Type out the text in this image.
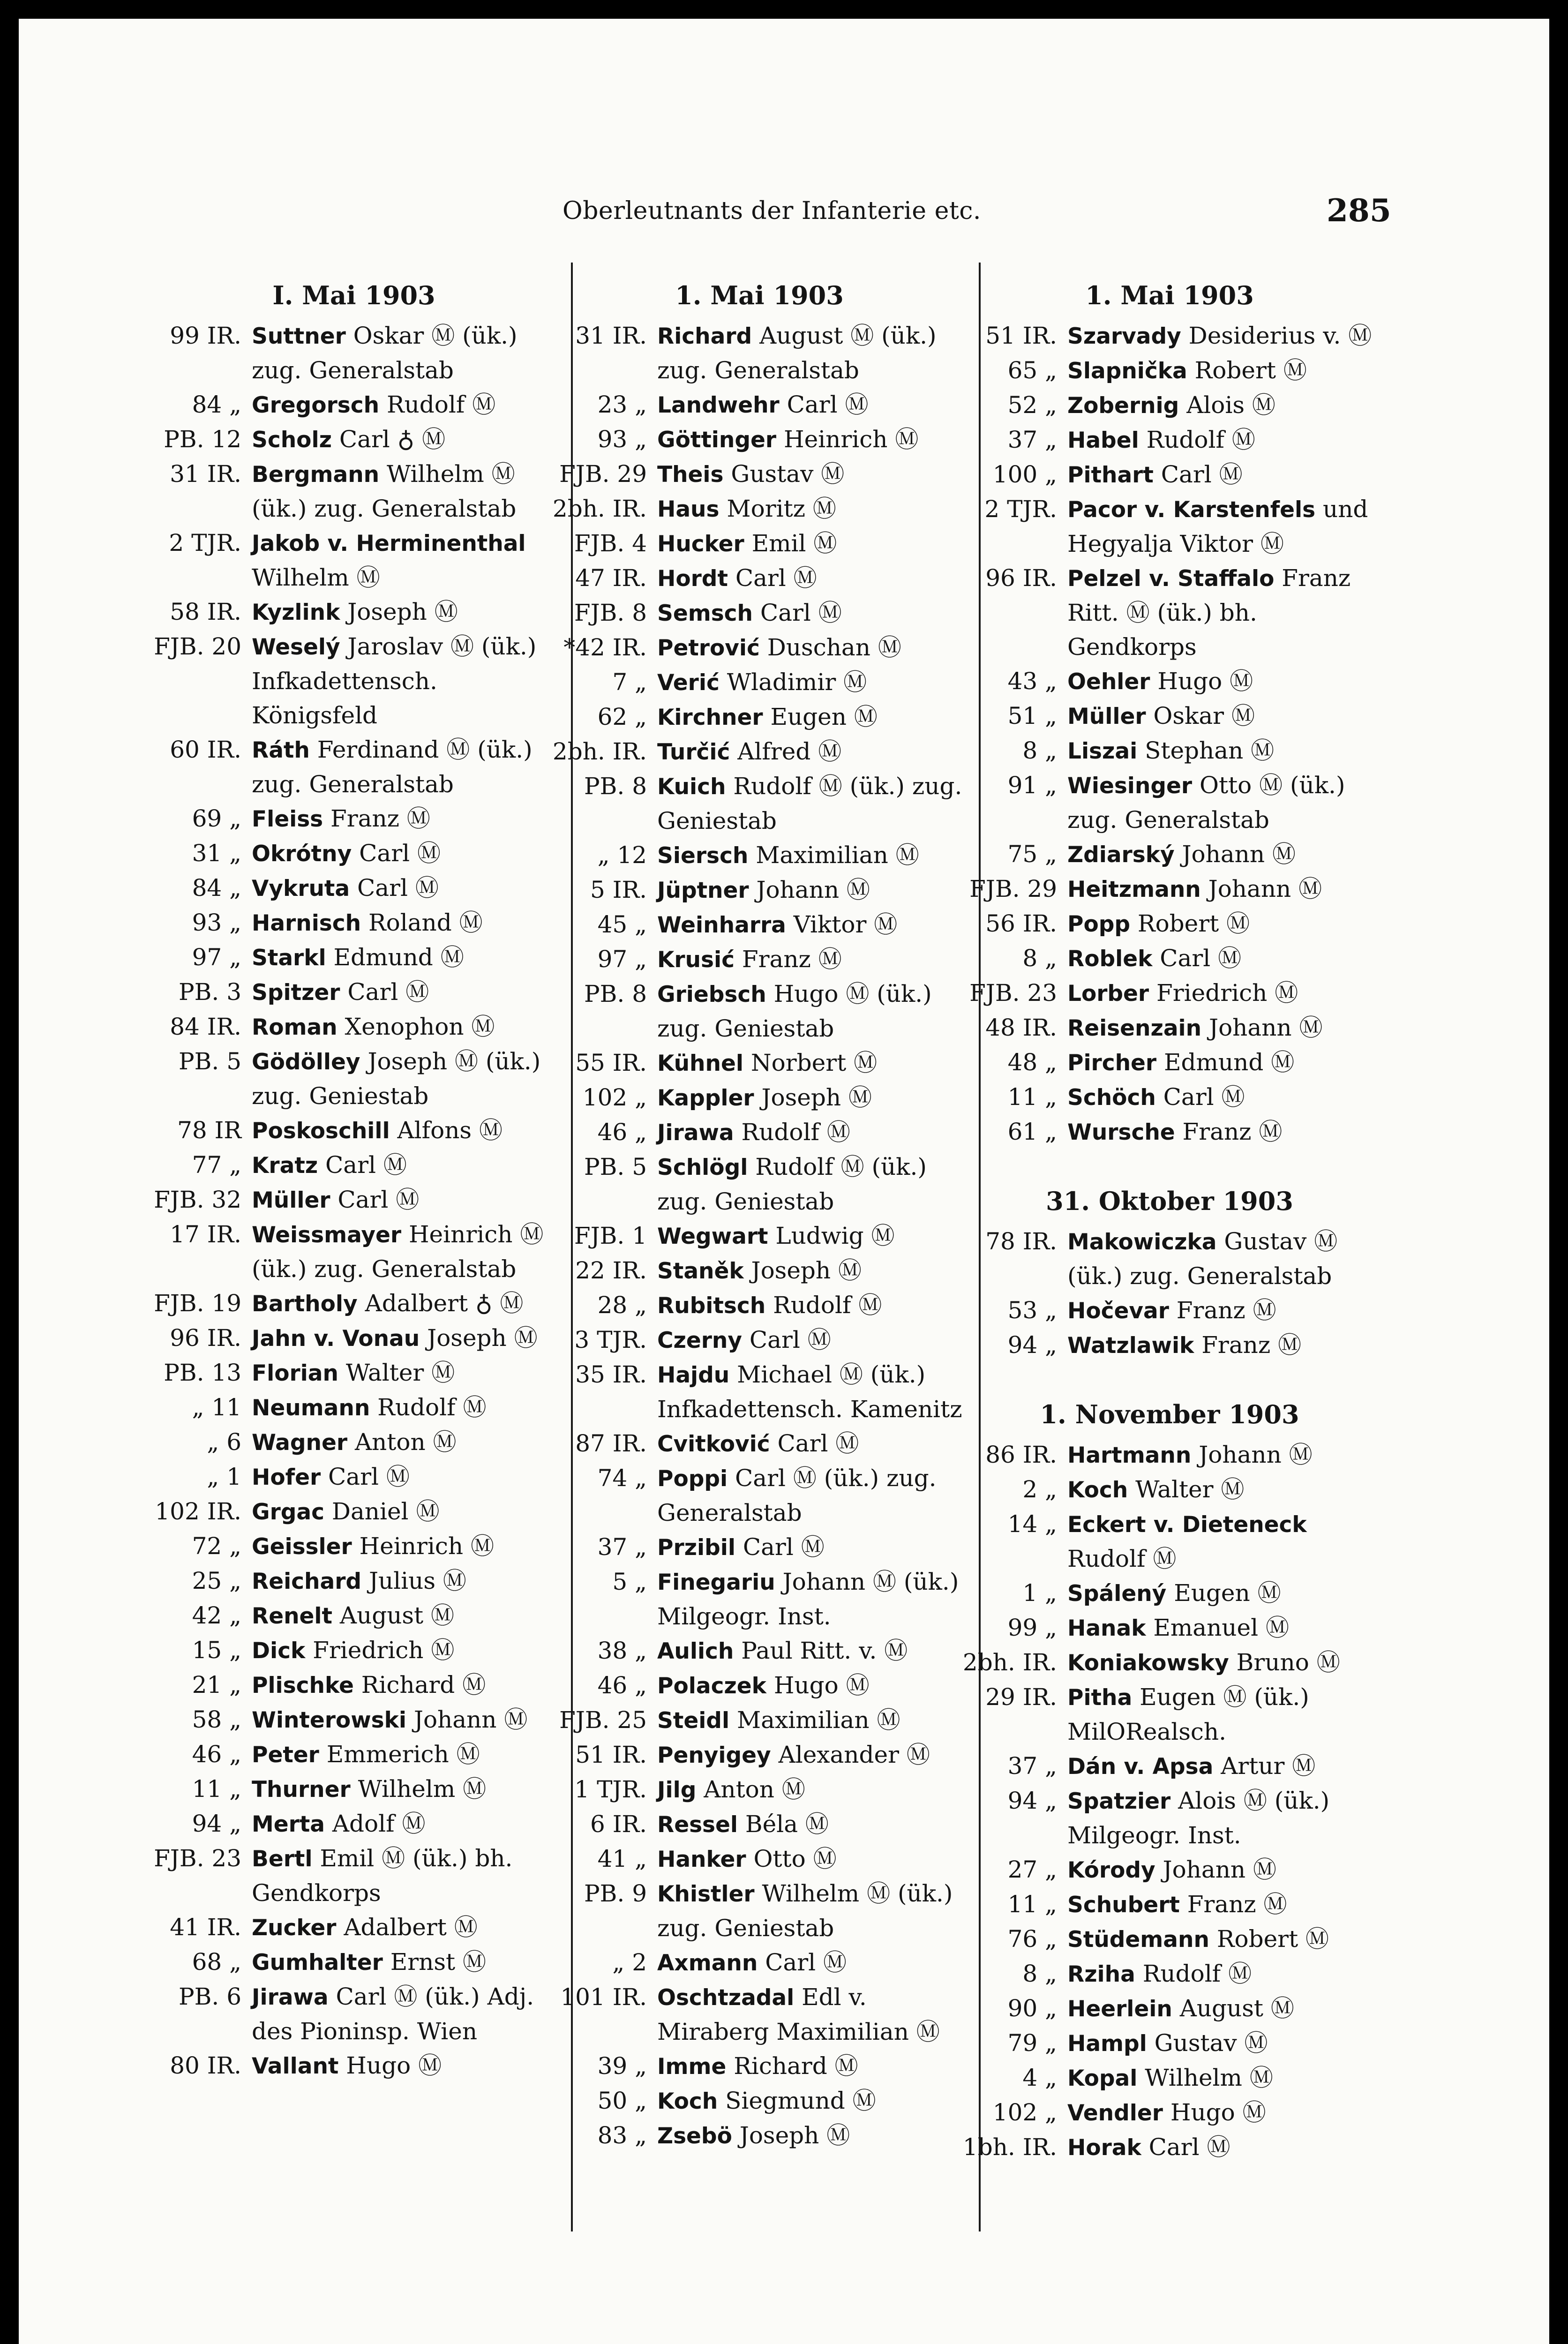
Oberleutnants der Infanterie etc.	285
I. Mai 1903
99 IR. Suttner Oskar Ⓜ (ük.) zug. Generalstab
84 „ Gregorsch Rudolf Ⓜ
PB. 12 Scholz Carl ♁ Ⓜ
31 IR. Bergmann Wilhelm Ⓜ (ük.) zug. Generalstab
2 TJR. Jakob v. Herminenthal Wilhelm Ⓜ
58 IR. Kyzlink Joseph Ⓜ
FJB. 20 Weselý Jaroslav Ⓜ (ük.) Infkadettensch. Königsfeld
60 IR. Ráth Ferdinand Ⓜ (ük.) zug. Generalstab
69 „ Fleiss Franz Ⓜ
31 „ Okrótny Carl Ⓜ
84 „ Vykruta Carl Ⓜ
93 „ Harnisch Roland Ⓜ
97 „ Starkl Edmund Ⓜ
PB. 3 Spitzer Carl Ⓜ
84 IR. Roman Xenophon Ⓜ
PB. 5 Gödölley Joseph Ⓜ (ük.) zug. Geniestab
78 IR Poskoschill Alfons Ⓜ
77 „ Kratz Carl Ⓜ
FJB. 32 Müller Carl Ⓜ
17 IR. Weissmayer Heinrich Ⓜ (ük.) zug. Generalstab
FJB. 19 Bartholy Adalbert ♁ Ⓜ
96 IR. Jahn v. Vonau Joseph Ⓜ
PB. 13 Florian Walter Ⓜ
„ 11 Neumann Rudolf Ⓜ
„ 6 Wagner Anton Ⓜ
„ 1 Hofer Carl Ⓜ
102 IR. Grgac Daniel Ⓜ
72 „ Geissler Heinrich Ⓜ
25 „ Reichard Julius Ⓜ
42 „ Renelt August Ⓜ
15 „ Dick Friedrich Ⓜ
21 „ Plischke Richard Ⓜ
58 „ Winterowski Johann Ⓜ
46 „ Peter Emmerich Ⓜ
11 „ Thurner Wilhelm Ⓜ
94 „ Merta Adolf Ⓜ
FJB. 23 Bertl Emil Ⓜ (ük.) bh. Gendkorps
41 IR. Zucker Adalbert Ⓜ
68 „ Gumhalter Ernst Ⓜ
PB. 6 Jirawa Carl Ⓜ (ük.) Adj. des Pioninsp. Wien
80 IR. Vallant Hugo Ⓜ
1. Mai 1903
31 IR. Richard August Ⓜ (ük.) zug. Generalstab
23 „ Landwehr Carl Ⓜ
93 „ Göttinger Heinrich Ⓜ
FJB. 29 Theis Gustav Ⓜ
2bh. IR. Haus Moritz Ⓜ
FJB. 4 Hucker Emil Ⓜ
47 IR. Hordt Carl Ⓜ
FJB. 8 Semsch Carl Ⓜ
*42 IR. Petrović Duschan Ⓜ
7 „ Verić Wladimir Ⓜ
62 „ Kirchner Eugen Ⓜ
2bh. IR. Turčić Alfred Ⓜ
PB. 8 Kuich Rudolf Ⓜ (ük.) zug. Geniestab
„ 12 Siersch Maximilian Ⓜ
5 IR. Jüptner Johann Ⓜ
45 „ Weinharra Viktor Ⓜ
97 „ Krusić Franz Ⓜ
PB. 8 Griebsch Hugo Ⓜ (ük.) zug. Geniestab
55 IR. Kühnel Norbert Ⓜ
102 „ Kappler Joseph Ⓜ
46 „ Jirawa Rudolf Ⓜ
PB. 5 Schlögl Rudolf Ⓜ (ük.) zug. Geniestab
FJB. 1 Wegwart Ludwig Ⓜ
22 IR. Staněk Joseph Ⓜ
28 „ Rubitsch Rudolf Ⓜ
3 TJR. Czerny Carl Ⓜ
35 IR. Hajdu Michael Ⓜ (ük.) Infkadettensch. Kamenitz
87 IR. Cvitković Carl Ⓜ
74 „ Poppi Carl Ⓜ (ük.) zug. Generalstab
37 „ Przibil Carl Ⓜ
5 „ Finegariu Johann Ⓜ (ük.) Milgeogr. Inst.
38 „ Aulich Paul Ritt. v. Ⓜ
46 „ Polaczek Hugo Ⓜ
FJB. 25 Steidl Maximilian Ⓜ
51 IR. Penyigey Alexander Ⓜ
1 TJR. Jilg Anton Ⓜ
6 IR. Ressel Béla Ⓜ
41 „ Hanker Otto Ⓜ
PB. 9 Khistler Wilhelm Ⓜ (ük.) zug. Geniestab
„ 2 Axmann Carl Ⓜ
101 IR. Oschtzadal Edl v. Miraberg Maximilian Ⓜ
39 „ Imme Richard Ⓜ
50 „ Koch Siegmund Ⓜ
83 „ Zsebö Joseph Ⓜ
1. Mai 1903
51 IR. Szarvady Desiderius v. Ⓜ
65 „ Slapnička Robert Ⓜ
52 „ Zobernig Alois Ⓜ
37 „ Habel Rudolf Ⓜ
100 „ Pithart Carl Ⓜ
2 TJR. Pacor v. Karstenfels und Hegyalja Viktor Ⓜ
96 IR. Pelzel v. Staffalo Franz Ritt. Ⓜ (ük.) bh. Gendkorps
43 „ Oehler Hugo Ⓜ
51 „ Müller Oskar Ⓜ
8 „ Liszai Stephan Ⓜ
91 „ Wiesinger Otto Ⓜ (ük.) zug. Generalstab
75 „ Zdiarský Johann Ⓜ
FJB. 29 Heitzmann Johann Ⓜ
56 IR. Popp Robert Ⓜ
8 „ Roblek Carl Ⓜ
FJB. 23 Lorber Friedrich Ⓜ
48 IR. Reisenzain Johann Ⓜ
48 „ Pircher Edmund Ⓜ
11 „ Schöch Carl Ⓜ
61 „ Wursche Franz Ⓜ
31. Oktober 1903
78 IR. Makowiczka Gustav Ⓜ (ük.) zug. Generalstab
53 „ Hočevar Franz Ⓜ
94 „ Watzlawik Franz Ⓜ
1. November 1903
86 IR. Hartmann Johann Ⓜ
2 „ Koch Walter Ⓜ
14 „ Eckert v. Dieteneck Rudolf Ⓜ
1 „ Spálený Eugen Ⓜ
99 „ Hanak Emanuel Ⓜ
2bh. IR. Koniakowsky Bruno Ⓜ
29 IR. Pitha Eugen Ⓜ (ük.) MilORealsch.
37 „ Dán v. Apsa Artur Ⓜ
94 „ Spatzier Alois Ⓜ (ük.) Milgeogr. Inst.
27 „ Kórody Johann Ⓜ
11 „ Schubert Franz Ⓜ
76 „ Stüdemann Robert Ⓜ
8 „ Rziha Rudolf Ⓜ
90 „ Heerlein August Ⓜ
79 „ Hampl Gustav Ⓜ
4 „ Kopal Wilhelm Ⓜ
102 „ Vendler Hugo Ⓜ
1bh. IR. Horak Carl Ⓜ
